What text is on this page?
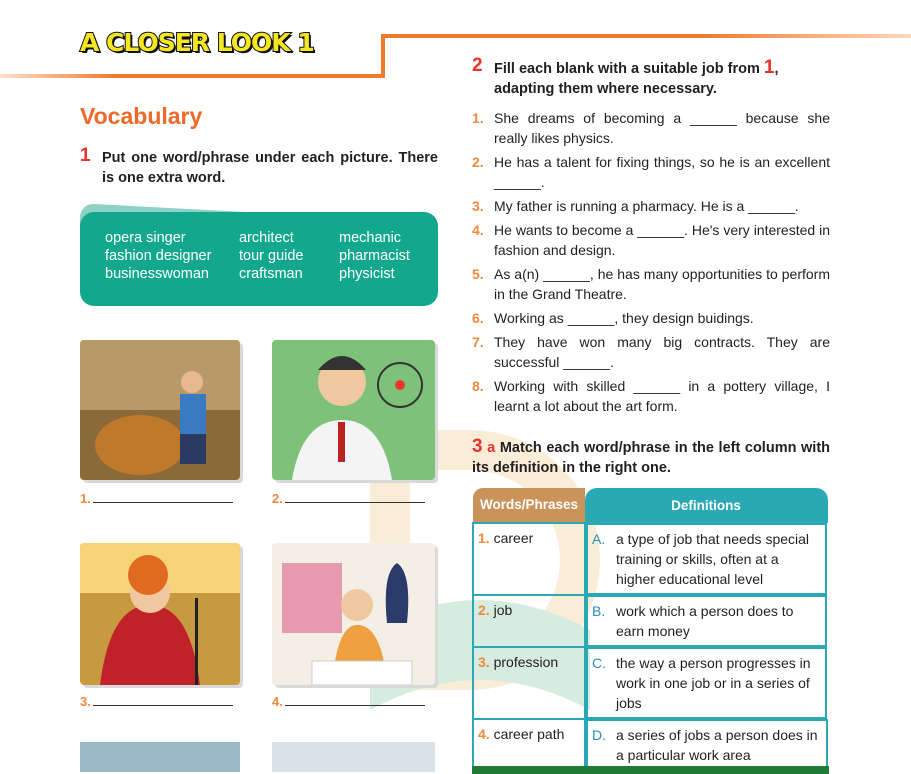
A CLOSER LOOK 1
Vocabulary
1 Put one word/phrase under each picture. There is one extra word.
opera singer	architect	mechanic
fashion designer	tour guide	pharmacist
businesswoman	craftsman	physicist
1.	2.
3.	4.
2 Fill each blank with a suitable job from 1,
adapting them where necessary.
1. She dreams of becoming a ______ because she really likes physics.
2. He has a talent for fixing things, so he is an excellent ______.
3. My father is running a pharmacy. He is a ______.
4. He wants to become a ______. He's very interested in fashion and design.
5. As a(n) ______, he has many opportunities to perform in the Grand Theatre.
6. Working as ______, they design buidings.
7. They have won many big contracts. They are successful ______.
8. Working with skilled ______ in a pottery village, I learnt a lot about the art form.
3 a Match each word/phrase in the left column with its definition in the right one.
Words/Phrases	Definitions
1. career		A. a type of job that needs special training or skills, often at a higher educational level

2. job		B. work which a person does to earn money

3. profession	C. the way a person progresses in work in one job or in a series of jobs

4. career path	D. a series of jobs a person does in a particular work area
